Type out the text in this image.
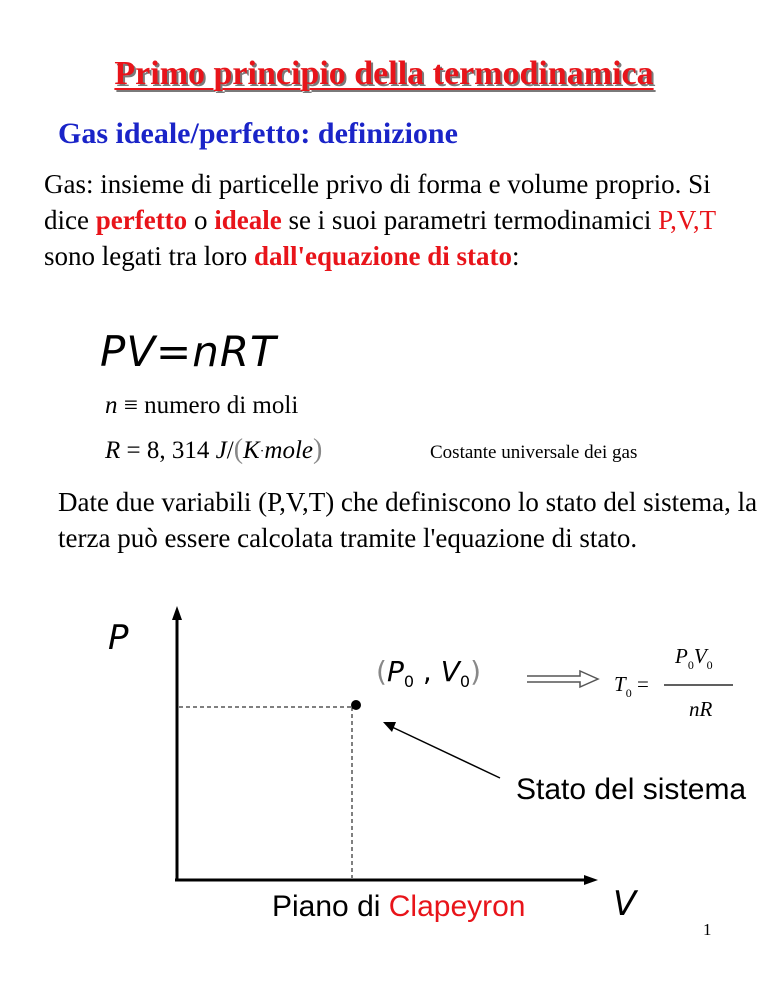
Primo principio della termodinamica
Gas ideale/perfetto: definizione
Gas: insieme di particelle privo di forma e volume proprio. Si dice perfetto o ideale se i suoi parametri termodinamici P,V,T sono legati tra loro dall'equazione di stato:
PV=nRT
n ≡ numero di moli
R = 8, 314 J/(K·mole)	Costante universale dei gas
Date due variabili (P,V,T) che definiscono lo stato del sistema, la terza può essere calcolata tramite l'equazione di stato.
P
V
($P_0$ , $V_0$)	$T_0$ =
$P_0V_0$
nR
Stato del sistema
Piano di Clapeyron
1
